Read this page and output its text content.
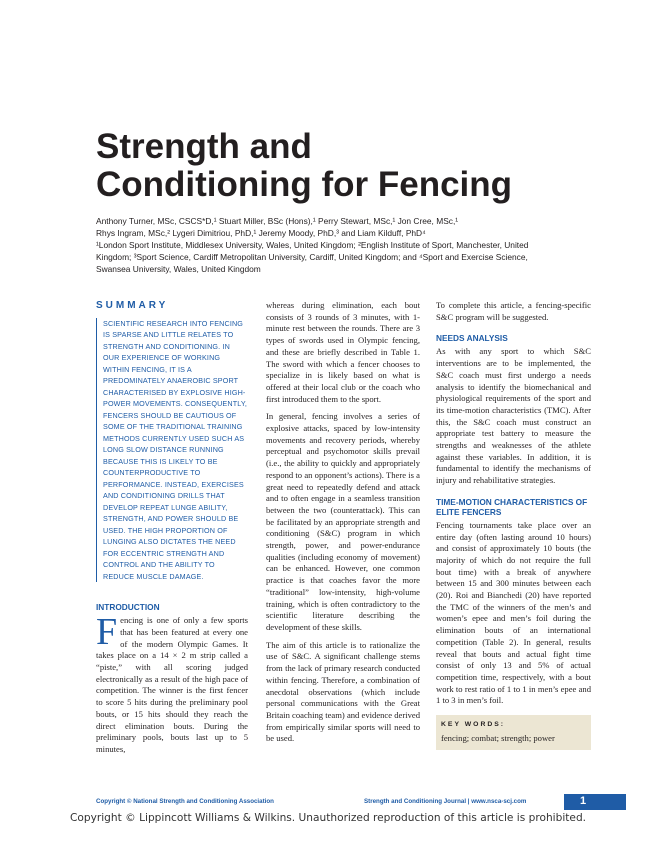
Strength and
Conditioning for Fencing
Anthony Turner, MSc, CSCS*D,¹ Stuart Miller, BSc (Hons),¹ Perry Stewart, MSc,¹ Jon Cree, MSc,¹
Rhys Ingram, MSc,² Lygeri Dimitriou, PhD,¹ Jeremy Moody, PhD,³ and Liam Kilduff, PhD⁴
¹London Sport Institute, Middlesex University, Wales, United Kingdom; ²English Institute of Sport, Manchester, United
Kingdom; ³Sport Science, Cardiff Metropolitan University, Cardiff, United Kingdom; and ⁴Sport and Exercise Science,
Swansea University, Wales, United Kingdom
SUMMARY
SCIENTIFIC RESEARCH INTO FENCING IS SPARSE AND LITTLE RELATES TO STRENGTH AND CONDITIONING. IN OUR EXPERIENCE OF WORKING WITHIN FENCING, IT IS A PREDOMINATELY ANAEROBIC SPORT CHARACTERISED BY EXPLOSIVE HIGH-POWER MOVEMENTS. CONSEQUENTLY, FENCERS SHOULD BE CAUTIOUS OF SOME OF THE TRADITIONAL TRAINING METHODS CURRENTLY USED SUCH AS LONG SLOW DISTANCE RUNNING BECAUSE THIS IS LIKELY TO BE COUNTERPRODUCTIVE TO PERFORMANCE. INSTEAD, EXERCISES AND CONDITIONING DRILLS THAT DEVELOP REPEAT LUNGE ABILITY, STRENGTH, AND POWER SHOULD BE USED. THE HIGH PROPORTION OF LUNGING ALSO DICTATES THE NEED FOR ECCENTRIC STRENGTH AND CONTROL AND THE ABILITY TO REDUCE MUSCLE DAMAGE.
INTRODUCTION

Fencing is one of only a few sports that has been featured at every one of the modern Olympic Games. It takes place on a 14 × 2 m strip called a “piste,” with all scoring judged electronically as a result of the high pace of competition. The winner is the first fencer to score 5 hits during the preliminary pool bouts, or 15 hits should they reach the direct elimination bouts. During the preliminary pools, bouts last up to 5 minutes,

whereas during elimination, each bout consists of 3 rounds of 3 minutes, with 1-minute rest between the rounds. There are 3 types of swords used in Olympic fencing, and these are briefly described in Table 1. The sword with which a fencer chooses to specialize in is likely based on what is offered at their local club or the coach who first introduced them to the sport.

In general, fencing involves a series of explosive attacks, spaced by low-intensity movements and recovery periods, whereby perceptual and psychomotor skills prevail (i.e., the ability to quickly and appropriately respond to an opponent’s actions). There is a great need to repeatedly defend and attack and to often engage in a seamless transition between the two (counterattack). This can be facilitated by an appropriate strength and conditioning (S&C) program in which strength, power, and power-endurance qualities (including economy of movement) can be enhanced. However, one common practice is that coaches favor the more “traditional” low-intensity, high-volume training, which is often contradictory to the scientific literature describing the development of these skills.

The aim of this article is to rationalize the use of S&C. A significant challenge stems from the lack of primary research conducted within fencing. Therefore, a combination of anecdotal observations (which include personal communications with the Great Britain coaching team) and evidence derived from empirically similar sports will need to be used.

To complete this article, a fencing-specific S&C program will be suggested.

NEEDS ANALYSIS

As with any sport to which S&C interventions are to be implemented, the S&C coach must first undergo a needs analysis to identify the biomechanical and physiological requirements of the sport and its time-motion characteristics (TMC). After this, the S&C coach must construct an appropriate test battery to measure the strengths and weaknesses of the athlete against these variables. In addition, it is fundamental to identify the mechanisms of injury and rehabilitative strategies.

TIME-MOTION CHARACTERISTICS OF ELITE FENCERS

Fencing tournaments take place over an entire day (often lasting around 10 hours) and consist of approximately 10 bouts (the majority of which do not require the full bout time) with a break of anywhere between 15 and 300 minutes between each (20). Roi and Bianchedi (20) have reported the TMC of the winners of the men’s and women’s epee and men’s foil during the elimination bouts of an international competition (Table 2). In general, results reveal that bouts and actual fight time consist of only 13 and 5% of actual competition time, respectively, with a bout work to rest ratio of 1 to 1 in men’s epee and 1 to 3 in men’s foil.

KEY WORDS:
fencing; combat; strength; power
Copyright © National Strength and Conditioning Association	Strength and Conditioning Journal | www.nsca-scj.com	1
Copyright © Lippincott Williams & Wilkins. Unauthorized reproduction of this article is prohibited.
